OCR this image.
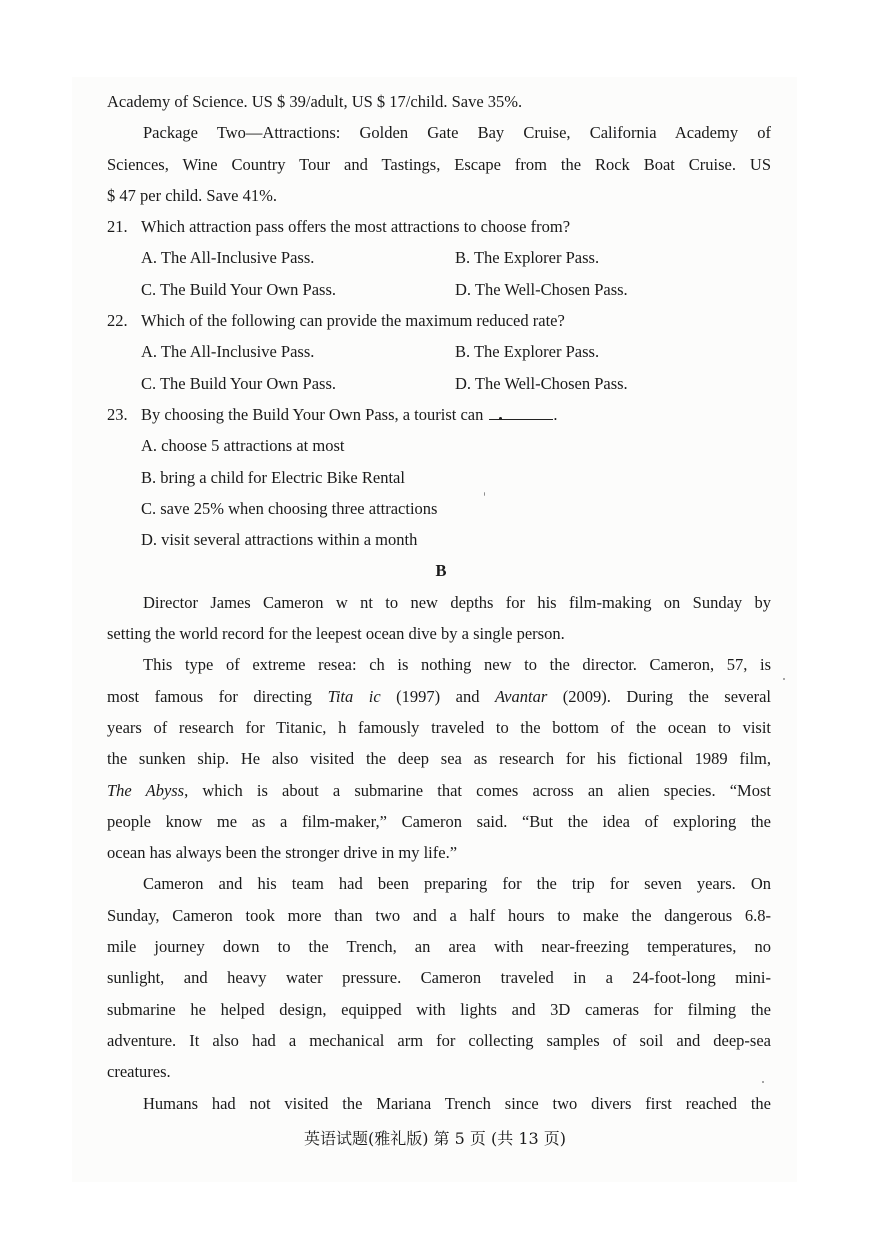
Academy of Science. US $ 39/adult, US $ 17/child. Save 35%.
Package Two—Attractions: Golden Gate Bay Cruise, California Academy of
Sciences, Wine Country Tour and Tastings, Escape from the Rock Boat Cruise. US
$ 47 per child. Save 41%.
21. Which attraction pass offers the most attractions to choose from?
A. The All-Inclusive Pass.	B. The Explorer Pass.
C. The Build Your Own Pass.	D. The Well-Chosen Pass.
22. Which of the following can provide the maximum reduced rate?
A. The All-Inclusive Pass.	B. The Explorer Pass.
C. The Build Your Own Pass.	D. The Well-Chosen Pass.
23. By choosing the Build Your Own Pass, a tourist can	.
A. choose 5 attractions at most
B. bring a child for Electric Bike Rental
C. save 25% when choosing three attractions
D. visit several attractions within a month
B
Director James Cameron w nt to new depths for his film-making on Sunday by
setting the world record for the leepest ocean dive by a single person.
This type of extreme resea: ch is nothing new to the director. Cameron, 57, is
most famous for directing Tita ic (1997) and Avantar (2009). During the several
years of research for Titanic, h famously traveled to the bottom of the ocean to visit
the sunken ship. He also visited the deep sea as research for his fictional 1989 film,
The Abyss, which is about a submarine that comes across an alien species. “Most
people know me as a film-maker,” Cameron said. “But the idea of exploring the
ocean has always been the stronger drive in my life.”
Cameron and his team had been preparing for the trip for seven years. On
Sunday, Cameron took more than two and a half hours to make the dangerous 6.8-
mile journey down to the Trench, an area with near-freezing temperatures, no
sunlight, and heavy water pressure. Cameron traveled in a 24-foot-long mini-
submarine he helped design, equipped with lights and 3D cameras for filming the
adventure. It also had a mechanical arm for collecting samples of soil and deep-sea
creatures.
Humans had not visited the Mariana Trench since two divers first reached the
英语试题(雅礼版) 第 5 页 (共 13 页)
